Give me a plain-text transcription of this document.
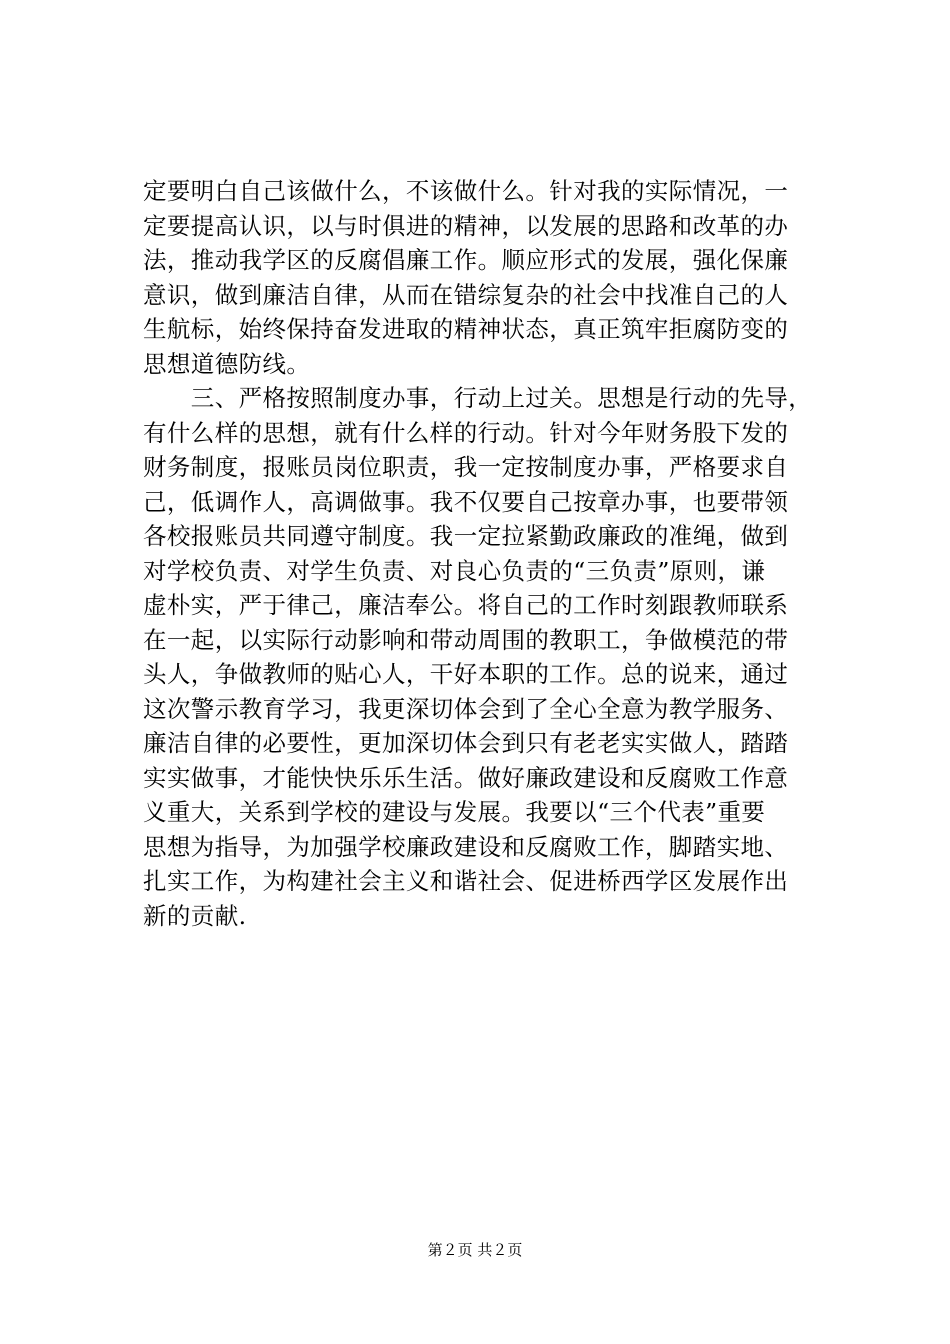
定要明白自己该做什么，不该做什么。针对我的实际情况，一
定要提高认识，以与时俱进的精神，以发展的思路和改革的办
法，推动我学区的反腐倡廉工作。顺应形式的发展，强化保廉
意识，做到廉洁自律，从而在错综复杂的社会中找准自己的人
生航标，始终保持奋发进取的精神状态，真正筑牢拒腐防变的
思想道德防线。
　　三、严格按照制度办事，行动上过关。思想是行动的先导，
有什么样的思想，就有什么样的行动。针对今年财务股下发的
财务制度，报账员岗位职责，我一定按制度办事，严格要求自
己，低调作人，高调做事。我不仅要自己按章办事，也要带领
各校报账员共同遵守制度。我一定拉紧勤政廉政的准绳，做到
对学校负责、对学生负责、对良心负责的“三负责”原则，谦
虚朴实，严于律己，廉洁奉公。将自己的工作时刻跟教师联系
在一起，以实际行动影响和带动周围的教职工，争做模范的带
头人，争做教师的贴心人，干好本职的工作。总的说来，通过
这次警示教育学习，我更深切体会到了全心全意为教学服务、
廉洁自律的必要性，更加深切体会到只有老老实实做人，踏踏
实实做事，才能快快乐乐生活。做好廉政建设和反腐败工作意
义重大，关系到学校的建设与发展。我要以“三个代表”重要
思想为指导，为加强学校廉政建设和反腐败工作，脚踏实地、
扎实工作，为构建社会主义和谐社会、促进桥西学区发展作出
新的贡献.
第２页 共２页
